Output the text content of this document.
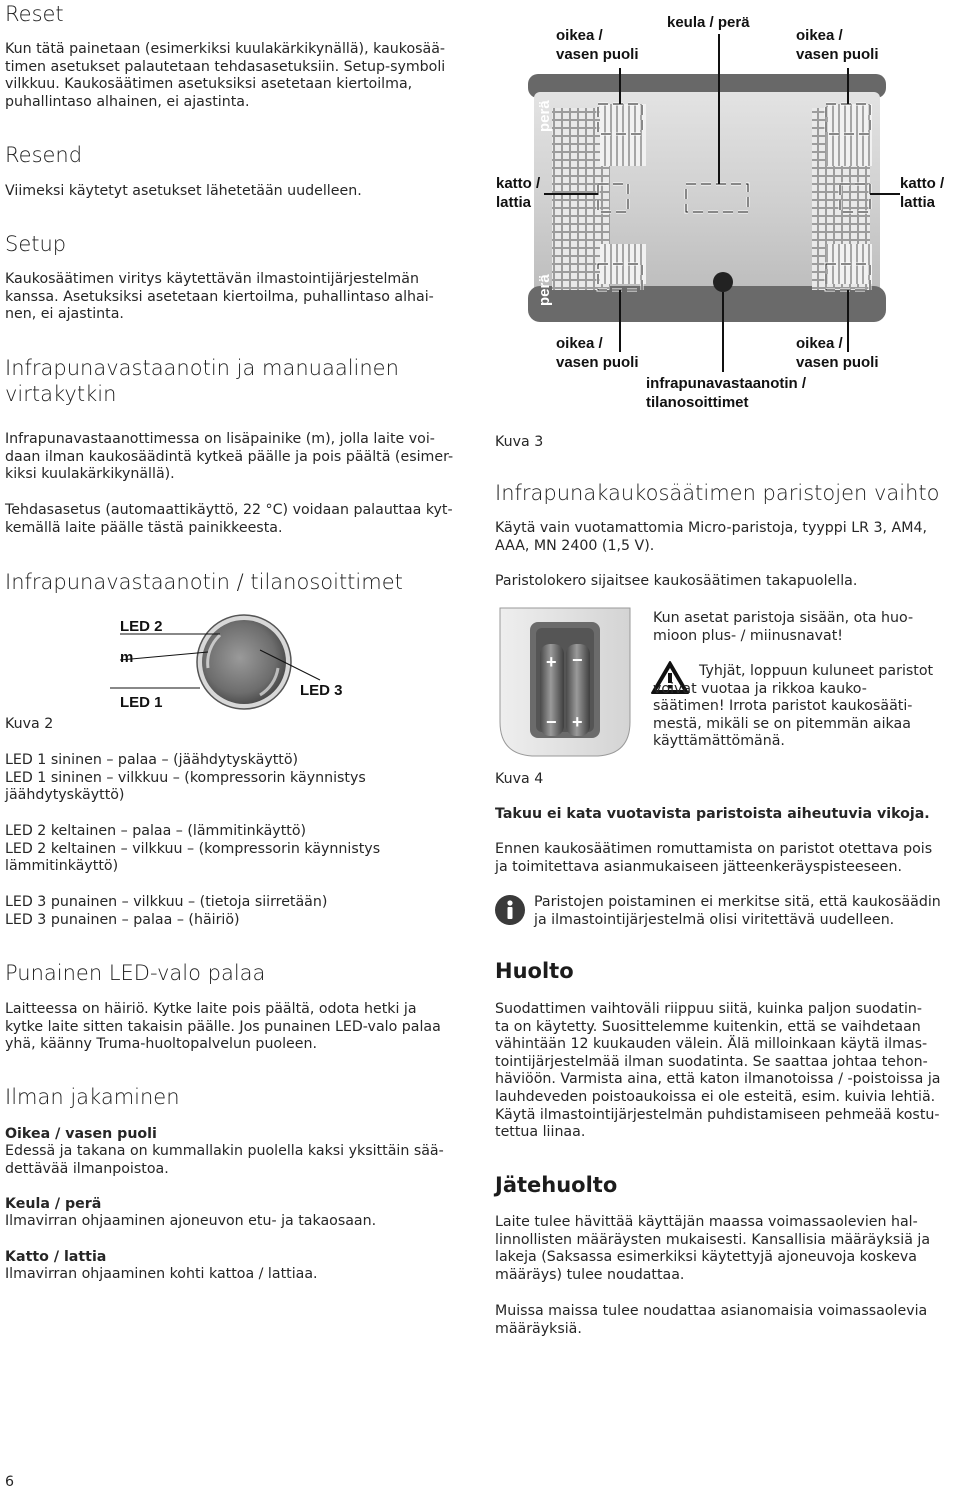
Reset

Kun tätä painetaan (esimerkiksi kuulakärkikynällä), kaukosää-
timen asetukset palautetaan tehdasasetuksiin. Setup-symboli
vilkkuu. Kaukosäätimen asetuksiksi asetetaan kiertoilma,
puhallintaso alhainen, ei ajastinta.

Resend

Viimeksi käytetyt asetukset lähetetään uudelleen.

Setup

Kaukosäätimen viritys käytettävän ilmastointijärjestelmän
kanssa. Asetuksiksi asetetaan kiertoilma, puhallintaso alhai-
nen, ei ajastinta.

Infrapunavastaanotin ja manuaalinen
virtakytkin

Infrapunavastaanottimessa on lisäpainike (m), jolla laite voi-
daan ilman kaukosäädintä kytkeä päälle ja pois päältä (esimer-
kiksi kuulakärkikynällä).

Tehdasasetus (automaattikäyttö, 22 °C) voidaan palauttaa kyt-
kemällä laite päälle tästä painikkeesta.

Infrapunavastaanotin / tilanosoittimet
LED 2
m
LED 1
LED 3

Kuva 2

LED 1 sininen – palaa – (jäähdytyskäyttö)
LED 1 sininen – vilkkuu – (kompressorin käynnistys
jäähdytyskäyttö)

LED 2 keltainen – palaa – (lämmitinkäyttö)
LED 2 keltainen – vilkkuu – (kompressorin käynnistys
lämmitinkäyttö)

LED 3 punainen – vilkkuu – (tietoja siirretään)
LED 3 punainen – palaa – (häiriö)

Punainen LED-valo palaa

Laitteessa on häiriö. Kytke laite pois päältä, odota hetki ja
kytke laite sitten takaisin päälle. Jos punainen LED-valo palaa
yhä, käänny Truma-huoltopalvelun puoleen.

Ilman jakaminen

Oikea / vasen puoli

Edessä ja takana on kummallakin puolella kaksi yksittäin sää-
dettävää ilmanpoistoa.

Keula / perä

Ilmavirran ohjaaminen ajoneuvon etu- ja takaosaan.

Katto / lattia

Ilmavirran ohjaaminen kohti kattoa / lattiaa.

6

oikea /
vasen puoli
keula / perä
oikea /
vasen puoli
katto /
lattia
katto /
lattia
perä
perä
keula
keula
oikea /
vasen puoli
oikea /
vasen puoli
infrapunavastaanotin /
tilanosoittimet

Kuva 3

Infrapunakaukosäätimen paristojen vaihto

Käytä vain vuotamattomia Micro-paristoja, tyyppi LR 3, AM4,
AAA, MN 2400 (1,5 V).

Paristolokero sijaitsee kaukosäätimen takapuolella.

+ −
− +

Kun asetat paristoja sisään, ota huo-
mioon plus- / miinusnavat!

Tyhjät, loppuun kuluneet paristot
voivat vuotaa ja rikkoa kauko-
säätimen! Irrota paristot kaukosääti-
mestä, mikäli se on pitemmän aikaa
käyttämättömänä.

Kuva 4

Takuu ei kata vuotavista paristoista aiheutuvia vikoja.

Ennen kaukosäätimen romuttamista on paristot otettava pois
ja toimitettava asianmukaiseen jätteenkeräyspisteeseen.

Paristojen poistaminen ei merkitse sitä, että kaukosäädin
ja ilmastointijärjestelmä olisi viritettävä uudelleen.

Huolto

Suodattimen vaihtoväli riippuu siitä, kuinka paljon suodatin-
ta on käytetty. Suosittelemme kuitenkin, että se vaihdetaan
vähintään 12 kuukauden välein. Älä milloinkaan käytä ilmas-
tointijärjestelmää ilman suodatinta. Se saattaa johtaa tehon-
häviöön. Varmista aina, että katon ilmanotoissa / -poistoissa ja
lauhdeveden poistoaukoissa ei ole esteitä, esim. kuivia lehtiä.
Käytä ilmastointijärjestelmän puhdistamiseen pehmeää kostu-
tettua liinaa.

Jätehuolto

Laite tulee hävittää käyttäjän maassa voimassaolevien hal-
linnollisten määräysten mukaisesti. Kansallisia määräyksiä ja
lakeja (Saksassa esimerkiksi käytettyjä ajoneuvoja koskeva
määräys) tulee noudattaa.

Muissa maissa tulee noudattaa asianomaisia voimassaolevia
määräyksiä.
